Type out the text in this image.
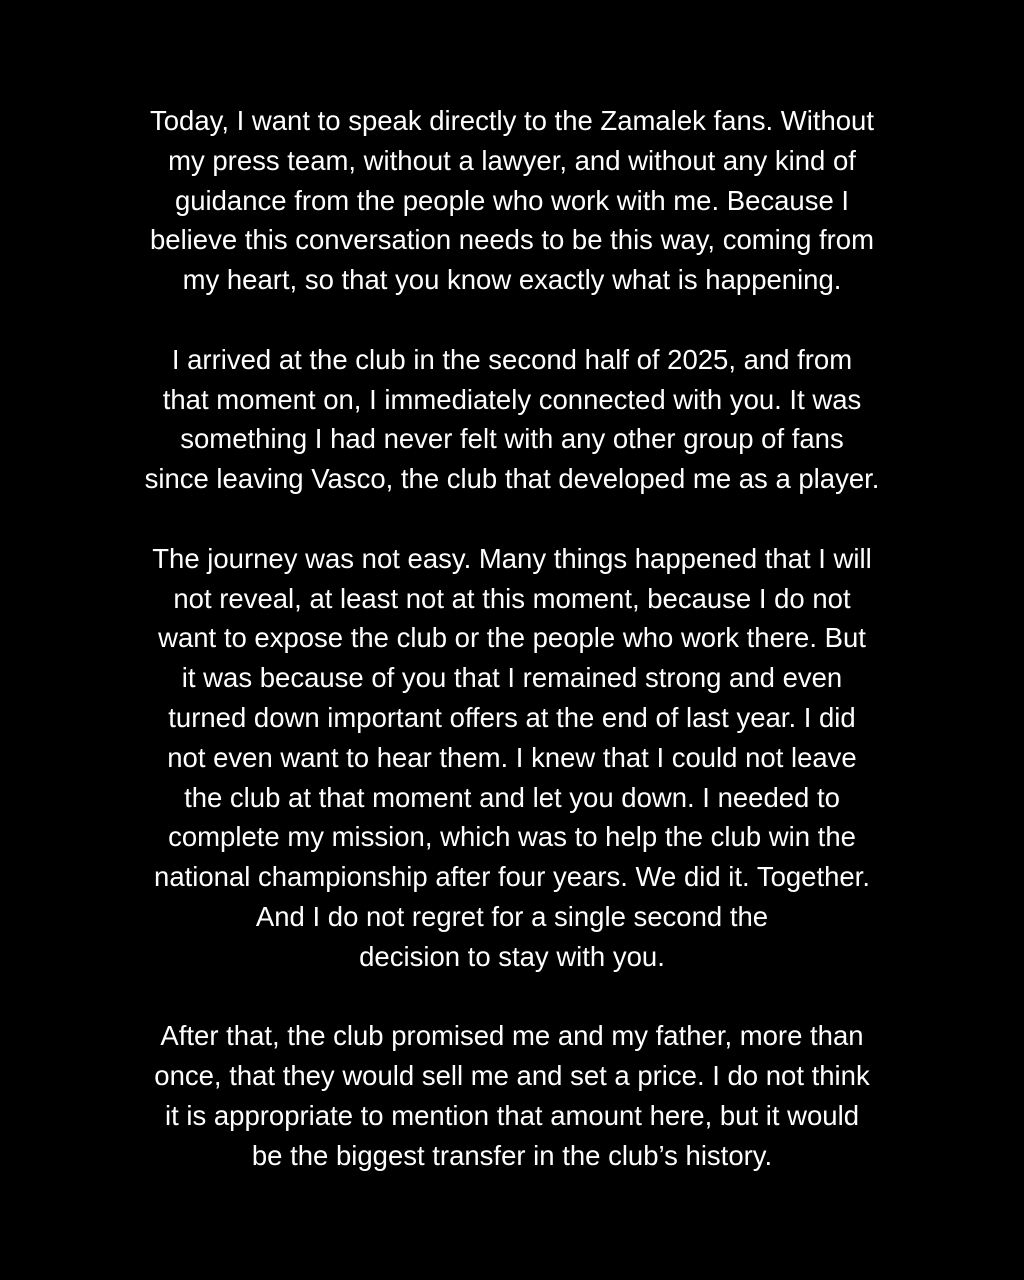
Today, I want to speak directly to the Zamalek fans. Without
my press team, without a lawyer, and without any kind of
guidance from the people who work with me. Because I
believe this conversation needs to be this way, coming from
my heart, so that you know exactly what is happening.

I arrived at the club in the second half of 2025, and from
that moment on, I immediately connected with you. It was
something I had never felt with any other group of fans
since leaving Vasco, the club that developed me as a player.

The journey was not easy. Many things happened that I will
not reveal, at least not at this moment, because I do not
want to expose the club or the people who work there. But
it was because of you that I remained strong and even
turned down important offers at the end of last year. I did
not even want to hear them. I knew that I could not leave
the club at that moment and let you down. I needed to
complete my mission, which was to help the club win the
national championship after four years. We did it. Together.
And I do not regret for a single second the
decision to stay with you.

After that, the club promised me and my father, more than
once, that they would sell me and set a price. I do not think
it is appropriate to mention that amount here, but it would
be the biggest transfer in the club’s history.
